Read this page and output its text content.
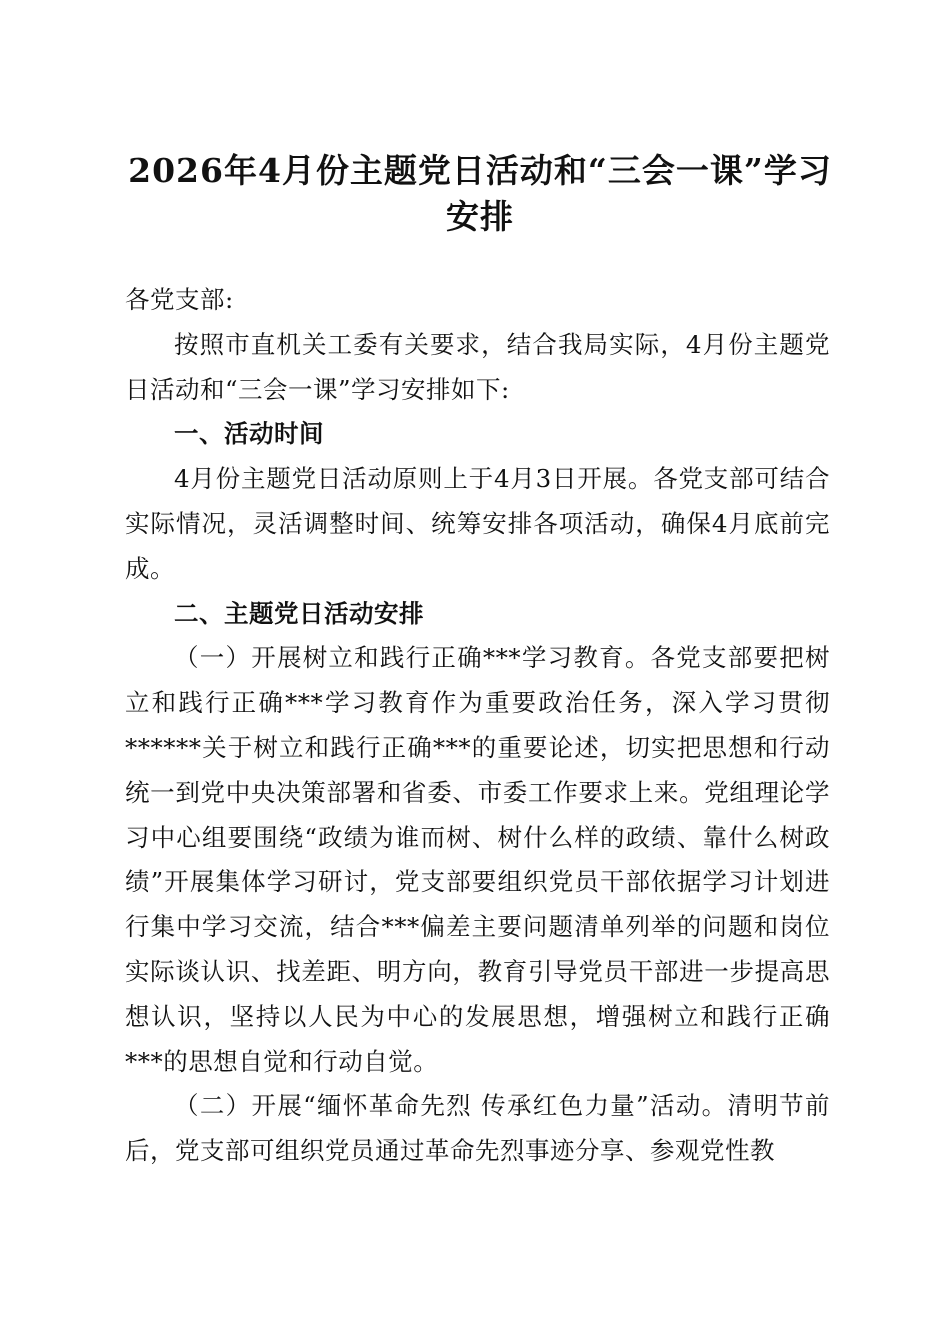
2026年4月份主题党日活动和“三会一课”学习安排

各党支部:

按照市直机关工委有关要求，结合我局实际，4月份主题党日活动和“三会一课”学习安排如下:

一、活动时间

4月份主题党日活动原则上于4月3日开展。各党支部可结合实际情况，灵活调整时间、统筹安排各项活动，确保4月底前完成。

二、主题党日活动安排

（一）开展树立和践行正确***学习教育。各党支部要把树立和践行正确***学习教育作为重要政治任务，深入学习贯彻******关于树立和践行正确***的重要论述，切实把思想和行动统一到党中央决策部署和省委、市委工作要求上来。党组理论学习中心组要围绕“政绩为谁而树、树什么样的政绩、靠什么树政绩”开展集体学习研讨，党支部要组织党员干部依据学习计划进行集中学习交流，结合***偏差主要问题清单列举的问题和岗位实际谈认识、找差距、明方向，教育引导党员干部进一步提高思想认识，坚持以人民为中心的发展思想，增强树立和践行正确***的思想自觉和行动自觉。

（二）开展“缅怀革命先烈 传承红色力量”活动。清明节前后，党支部可组织党员通过革命先烈事迹分享、参观党性教
